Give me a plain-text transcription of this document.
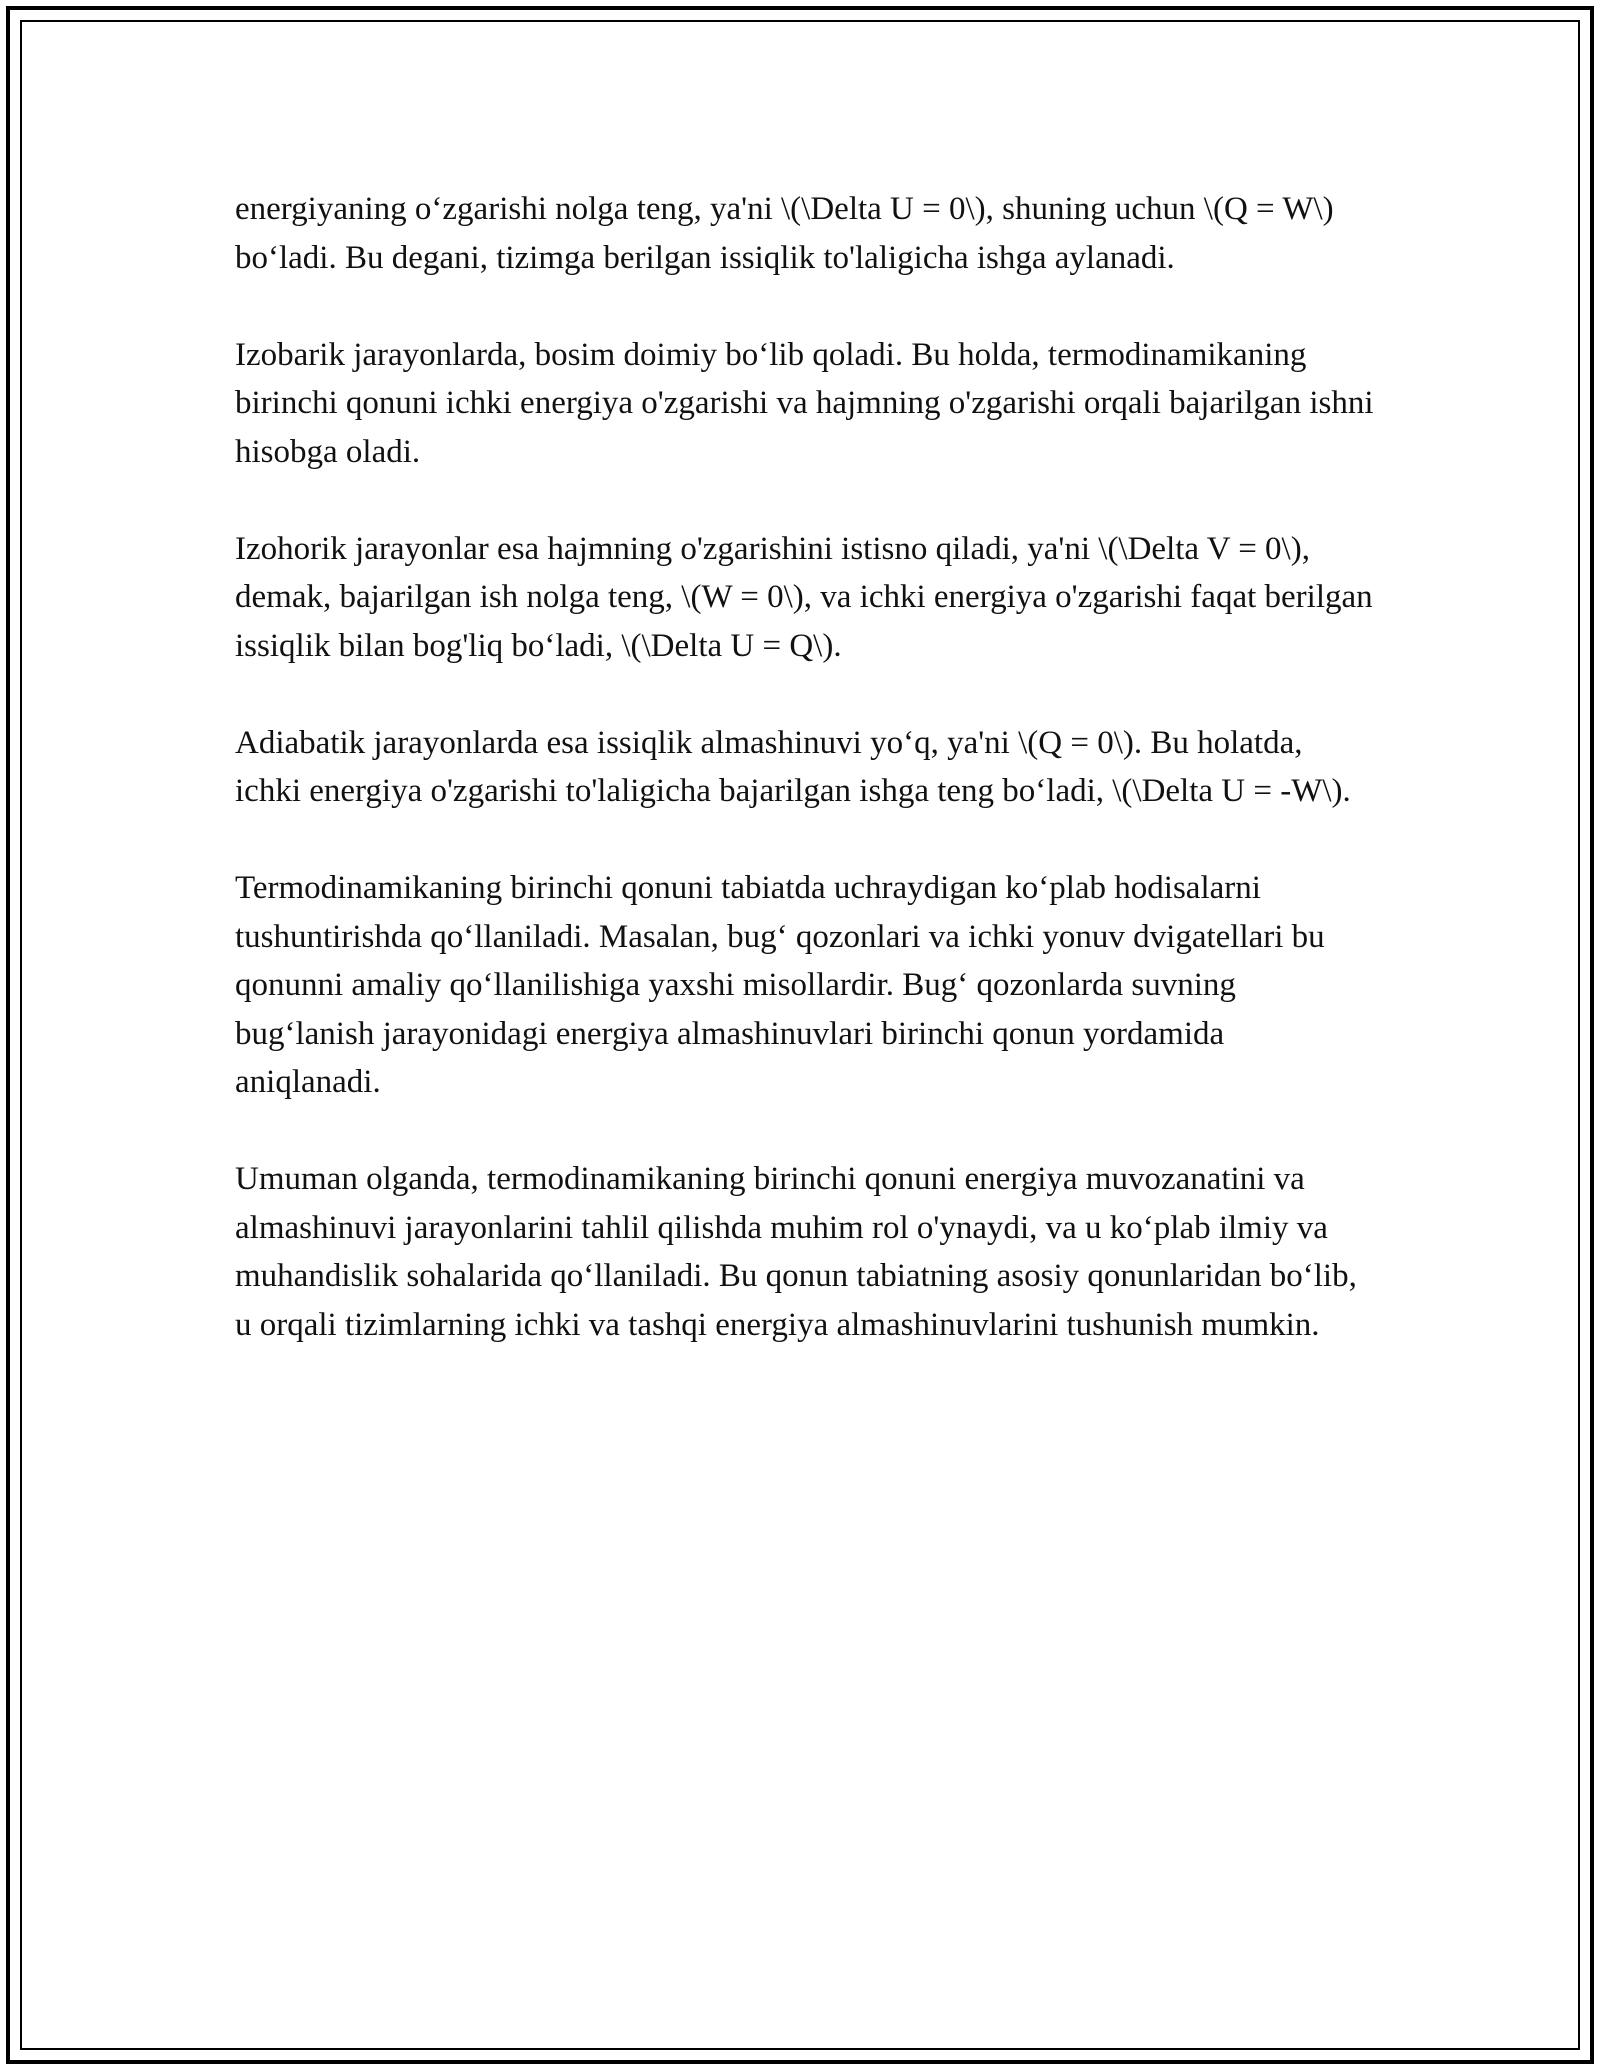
energiyaning o‘zgarishi nolga teng, ya'ni \(\Delta U = 0\), shuning uchun \(Q = W\) bo‘ladi. Bu degani, tizimga berilgan issiqlik to'laligicha ishga aylanadi.

Izobarik jarayonlarda, bosim doimiy bo‘lib qoladi. Bu holda, termodinamikaning birinchi qonuni ichki energiya o'zgarishi va hajmning o'zgarishi orqali bajarilgan ishni hisobga oladi.

Izohorik jarayonlar esa hajmning o'zgarishini istisno qiladi, ya'ni \(\Delta V = 0\), demak, bajarilgan ish nolga teng, \(W = 0\), va ichki energiya o'zgarishi faqat berilgan issiqlik bilan bog'liq bo‘ladi, \(\Delta U = Q\).

Adiabatik jarayonlarda esa issiqlik almashinuvi yo‘q, ya'ni \(Q = 0\). Bu holatda, ichki energiya o'zgarishi to'laligicha bajarilgan ishga teng bo‘ladi, \(\Delta U = -W\).

Termodinamikaning birinchi qonuni tabiatda uchraydigan ko‘plab hodisalarni tushuntirishda qo‘llaniladi. Masalan, bug‘ qozonlari va ichki yonuv dvigatellari bu qonunni amaliy qo‘llanilishiga yaxshi misollardir. Bug‘ qozonlarda suvning bug‘lanish jarayonidagi energiya almashinuvlari birinchi qonun yordamida aniqlanadi.

Umuman olganda, termodinamikaning birinchi qonuni energiya muvozanatini va almashinuvi jarayonlarini tahlil qilishda muhim rol o'ynaydi, va u ko‘plab ilmiy va muhandislik sohalarida qo‘llaniladi. Bu qonun tabiatning asosiy qonunlaridan bo‘lib, u orqali tizimlarning ichki va tashqi energiya almashinuvlarini tushunish mumkin.
